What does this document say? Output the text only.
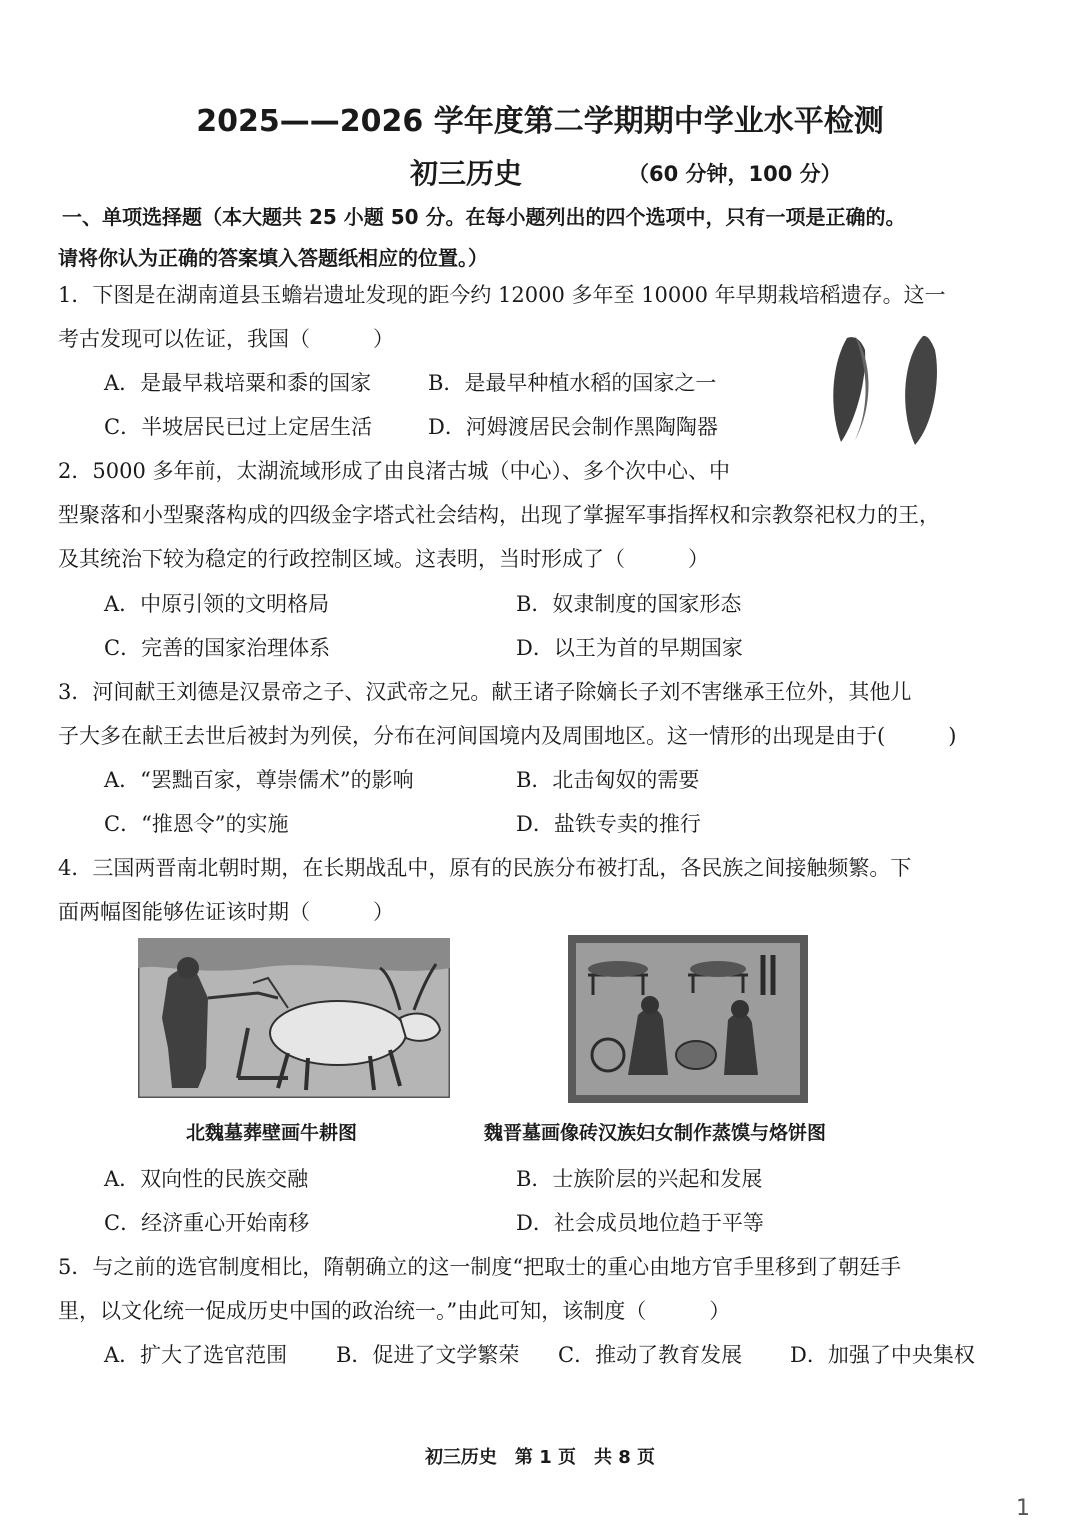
2025——2026 学年度第二学期期中学业水平检测
初三历史	（60 分钟，100 分）
一、单项选择题（本大题共 25 小题 50 分。在每小题列出的四个选项中，只有一项是正确的。
请将你认为正确的答案填入答题纸相应的位置。）
1．下图是在湖南道县玉蟾岩遗址发现的距今约 12000 多年至 10000 年早期栽培稻遗存。这一
考古发现可以佐证，我国（　　　）
A．是最早栽培粟和黍的国家	B．是最早种植水稻的国家之一
C．半坡居民已过上定居生活	D．河姆渡居民会制作黑陶陶器
2．5000 多年前，太湖流域形成了由良渚古城（中心）、多个次中心、中
型聚落和小型聚落构成的四级金字塔式社会结构，出现了掌握军事指挥权和宗教祭祀权力的王，
及其统治下较为稳定的行政控制区域。这表明，当时形成了（　　　）
A．中原引领的文明格局	B．奴隶制度的国家形态
C．完善的国家治理体系	D．以王为首的早期国家
3．河间献王刘德是汉景帝之子、汉武帝之兄。献王诸子除嫡长子刘不害继承王位外，其他儿
子大多在献王去世后被封为列侯，分布在河间国境内及周围地区。这一情形的出现是由于(　　　)
A．“罢黜百家，尊崇儒术”的影响	B．北击匈奴的需要
C．“推恩令”的实施	D．盐铁专卖的推行
4．三国两晋南北朝时期，在长期战乱中，原有的民族分布被打乱，各民族之间接触频繁。下
面两幅图能够佐证该时期（　　　）
北魏墓葬壁画牛耕图	魏晋墓画像砖汉族妇女制作蒸馍与烙饼图
A．双向性的民族交融	B．士族阶层的兴起和发展
C．经济重心开始南移	D．社会成员地位趋于平等
5．与之前的选官制度相比，隋朝确立的这一制度“把取士的重心由地方官手里移到了朝廷手
里，以文化统一促成历史中国的政治统一。”由此可知，该制度（　　　）
A．扩大了选官范围 B．促进了文学繁荣 C．推动了教育发展 D．加强了中央集权
初三历史　第 1 页　共 8 页
1
